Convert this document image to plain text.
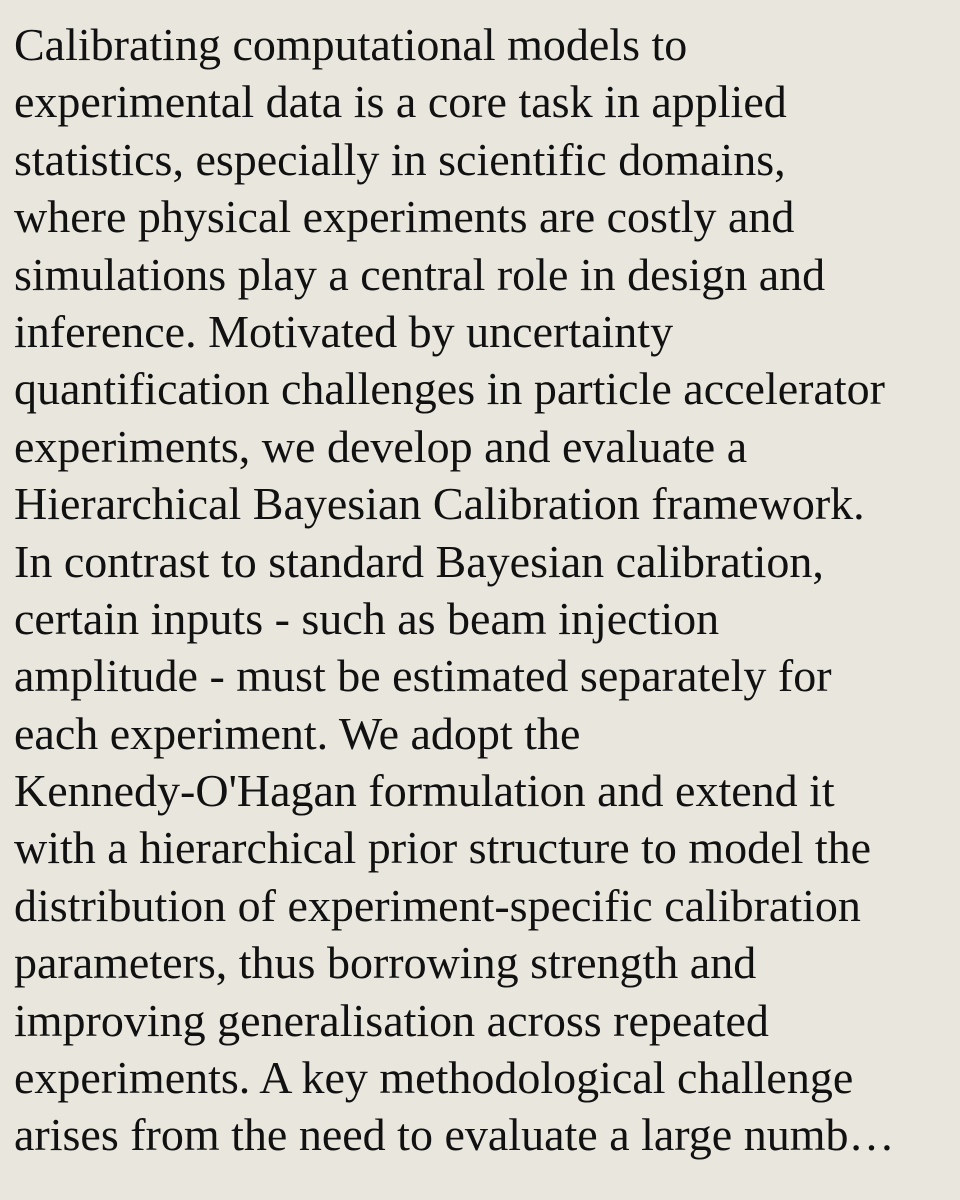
Calibrating computational models to
experimental data is a core task in applied
statistics, especially in scientific domains,
where physical experiments are costly and
simulations play a central role in design and
inference. Motivated by uncertainty
quantification challenges in particle accelerator
experiments, we develop and evaluate a
Hierarchical Bayesian Calibration framework.
In contrast to standard Bayesian calibration,
certain inputs - such as beam injection
amplitude - must be estimated separately for
each experiment. We adopt the
Kennedy-O'Hagan formulation and extend it
with a hierarchical prior structure to model the
distribution of experiment-specific calibration
parameters, thus borrowing strength and
improving generalisation across repeated
experiments. A key methodological challenge
arises from the need to evaluate a large numb…
